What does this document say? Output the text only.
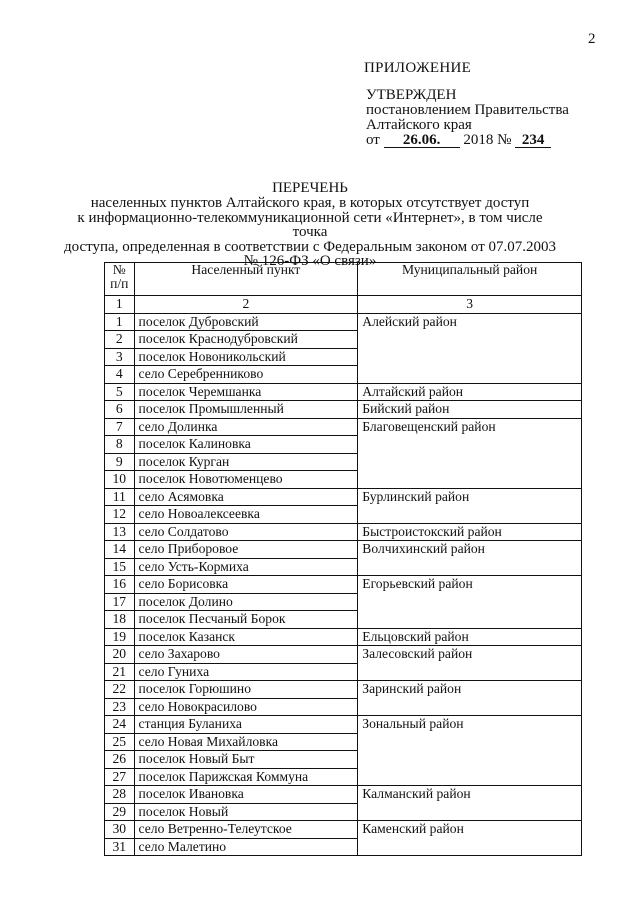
2
ПРИЛОЖЕНИЕ
УТВЕРЖДЕН
постановлением Правительства
Алтайского края
от 26.06. 2018 № 234
ПЕРЕЧЕНЬ
населенных пунктов Алтайского края, в которых отсутствует доступ
к информационно-телекоммуникационной сети «Интернет», в том числе точка
доступа, определенная в соответствии с Федеральным законом от 07.07.2003
№ 126-ФЗ «О связи»
№
п/п	Населенный пункт	Муниципальный район
1	2	3
1	поселок Дубровский	Алейский район
2	поселок Краснодубровский	
3	поселок Новоникольский	
4	село Серебренниково	
5	поселок Черемшанка	Алтайский район
6	поселок Промышленный	Бийский район
7	село Долинка	Благовещенский район
8	поселок Калиновка	
9	поселок Курган	
10	поселок Новотюменцево	
11	село Асямовка	Бурлинский район
12	село Новоалексеевка	
13	село Солдатово	Быстроистокский район
14	село Приборовое	Волчихинский район
15	село Усть-Кормиха	
16	село Борисовка	Егорьевский район
17	поселок Долино	
18	поселок Песчаный Борок	
19	поселок Казанск	Ельцовский район
20	село Захарово	Залесовский район
21	село Гуниха	
22	поселок Горюшино	Заринский район
23	село Новокрасилово	
24	станция Буланиха	Зональный район
25	село Новая Михайловка	
26	поселок Новый Быт	
27	поселок Парижская Коммуна	
28	поселок Ивановка	Калманский район
29	поселок Новый	
30	село Ветренно-Телеутское	Каменский район
31	село Малетино	
